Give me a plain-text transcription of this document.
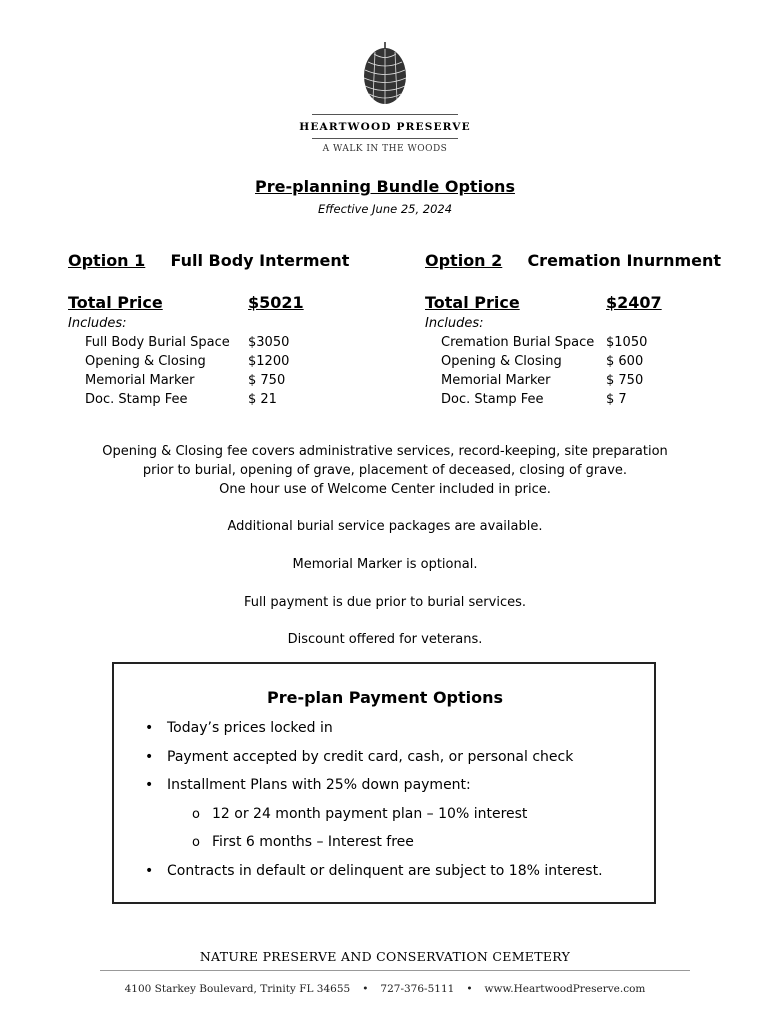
HEARTWOOD PRESERVE
A WALK IN THE WOODS
Pre-planning Bundle Options
Effective June 25, 2024
Option 1 Full Body Interment
Total Price	$5021
Includes:
Full Body Burial Space $3050
Opening & Closing	$1200
Memorial Marker	$ 750
Doc. Stamp Fee	$ 21
Option 2 Cremation Inurnment
Total Price	$2407
Includes:
Cremation Burial Space $1050
Opening & Closing	$ 600
Memorial Marker	$ 750
Doc. Stamp Fee	$ 7
Opening & Closing fee covers administrative services, record-keeping, site preparation
prior to burial, opening of grave, placement of deceased, closing of grave.
One hour use of Welcome Center included in price.
Additional burial service packages are available.
Memorial Marker is optional.
Full payment is due prior to burial services.
Discount offered for veterans.
Pre-plan Payment Options
• Today’s prices locked in
• Payment accepted by credit card, cash, or personal check
• Installment Plans with 25% down payment:
o 12 or 24 month payment plan – 10% interest
o First 6 months – Interest free
• Contracts in default or delinquent are subject to 18% interest.
NATURE PRESERVE AND CONSERVATION CEMETERY
4100 Starkey Boulevard, Trinity FL 34655 • 727-376-5111 • www.HeartwoodPreserve.com
